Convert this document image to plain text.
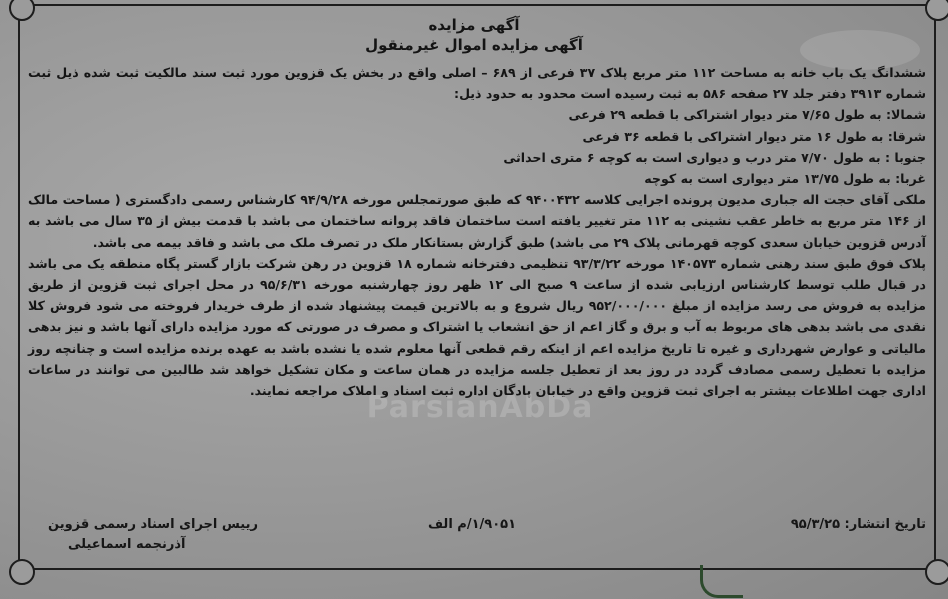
آگهی مزایده
آگهی مزایده اموال غیرمنقول

ششدانگ یک باب خانه به مساحت ۱۱۲ متر مربع پلاک ۳۷ فرعی از ۶۸۹ – اصلی واقع در بخش یک قزوین مورد ثبت سند مالکیت ثبت شده ذیل ثبت شماره ۳۹۱۳ دفتر جلد ۲۷ صفحه ۵۸۶ به ثبت رسیده است محدود به حدود ذیل:

شمالا: به طول ۷/۶۵ متر دیوار اشتراکی با قطعه ۲۹ فرعی

شرقا: به طول ۱۶ متر دیوار اشتراکی با قطعه ۳۶ فرعی

جنوبا : به طول ۷/۷۰ متر درب و دیواری است به کوچه ۶ متری احداثی

غربا: به طول ۱۳/۷۵ متر دیواری است به کوچه

ملکی آقای حجت اله جباری مدیون پرونده اجرایی کلاسه ۹۴۰۰۴۳۲ که طبق صورتمجلس مورخه ۹۴/۹/۲۸ کارشناس رسمی دادگستری ( مساحت مالک از ۱۴۶ متر مربع به خاطر عقب نشینی به ۱۱۲ متر تغییر یافته است ساختمان فاقد پروانه ساختمان می باشد با قدمت بیش از ۳۵ سال می باشد به آدرس قزوین خیابان سعدی کوچه قهرمانی پلاک ۲۹ می باشد) طبق گزارش بستانکار ملک در تصرف ملک می باشد و فاقد بیمه می باشد.

پلاک فوق طبق سند رهنی شماره ۱۴۰۵۷۳ مورخه ۹۳/۳/۲۲ تنظیمی دفترخانه شماره ۱۸ قزوین در رهن شرکت بازار گستر پگاه منطقه یک می باشد در قبال طلب توسط کارشناس ارزیابی شده از ساعت ۹ صبح الی ۱۲ ظهر روز چهارشنبه مورخه ۹۵/۶/۳۱ در محل اجرای ثبت قزوین از طریق مزایده به فروش می رسد مزایده از مبلغ ۹۵۲/۰۰۰/۰۰۰ ریال شروع و به بالاترین قیمت پیشنهاد شده از طرف خریدار فروخته می شود فروش کلا نقدی می باشد بدهی های مربوط به آب و برق و گاز اعم از حق انشعاب یا اشتراک و مصرف در صورتی که مورد مزایده دارای آنها باشد و نیز بدهی مالیاتی و عوارض شهرداری و غیره تا تاریخ مزایده اعم از اینکه رقم قطعی آنها معلوم شده یا نشده باشد به عهده برنده مزایده است و چنانچه روز مزایده با تعطیل رسمی مصادف گردد در روز بعد از تعطیل جلسه مزایده در همان ساعت و مکان تشکیل خواهد شد طالبین می توانند در ساعات اداری جهت اطلاعات بیشتر به اجرای ثبت قزوین واقع در خیابان پادگان اداره ثبت اسناد و املاک مراجعه نمایند.

ParsianAbDa
تاریخ انتشار: ۹۵/۳/۲۵
۱/۹۰۵۱/م الف
رییس اجرای اسناد رسمی قزوین
آذرنجمه اسماعیلی
